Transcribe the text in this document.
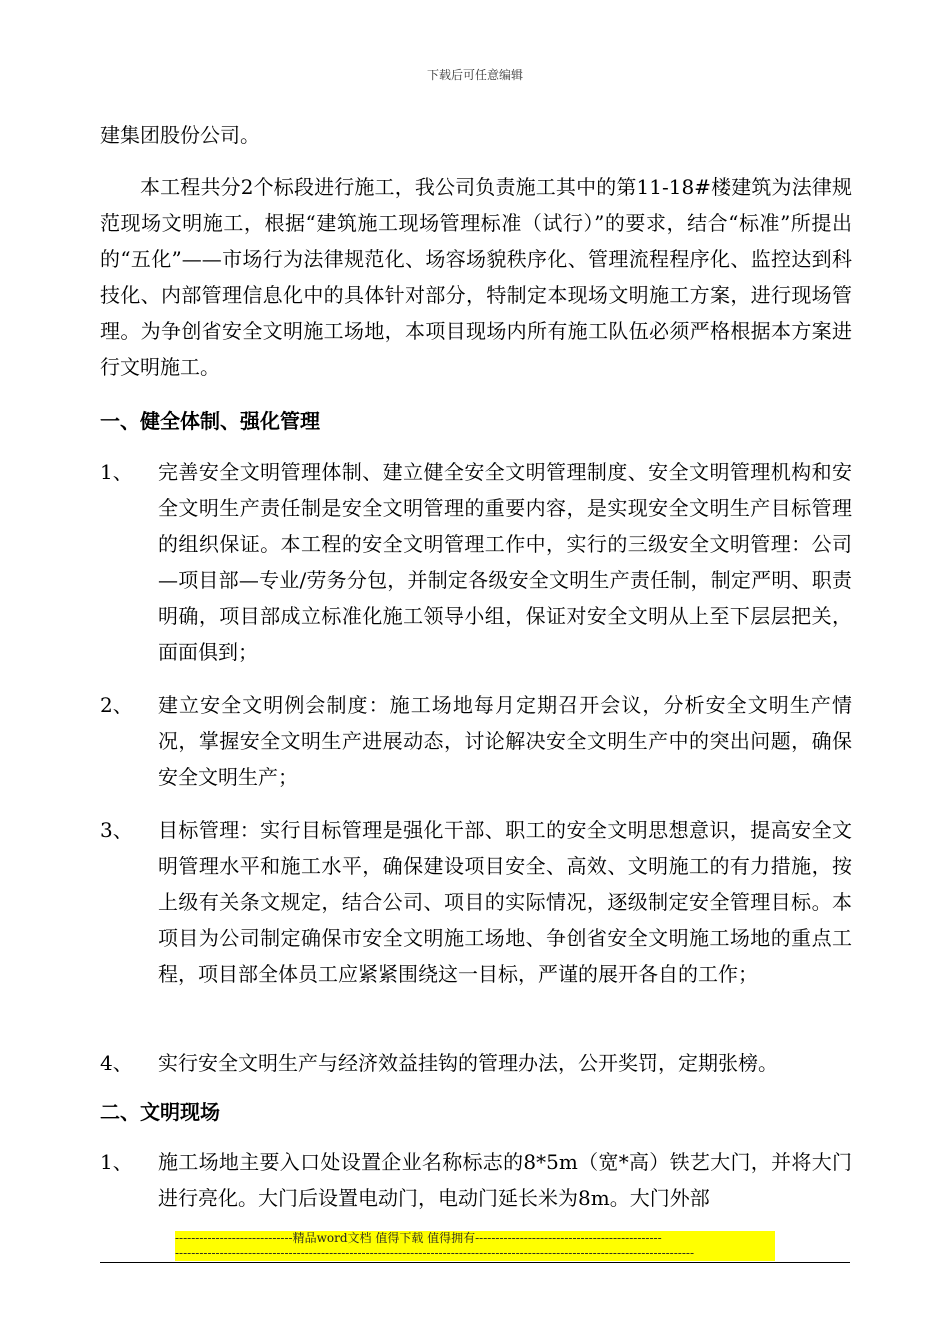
下载后可任意编辑
建集团股份公司。
本工程共分2个标段进行施工，我公司负责施工其中的第11-18#楼建筑为法律规范现场文明施工，根据“建筑施工现场管理标准（试行）”的要求，结合“标准”所提出的“五化”——市场行为法律规范化、场容场貌秩序化、管理流程程序化、监控达到科技化、内部管理信息化中的具体针对部分，特制定本现场文明施工方案，进行现场管理。为争创省安全文明施工场地，本项目现场内所有施工队伍必须严格根据本方案进行文明施工。
一、健全体制、强化管理
1、	完善安全文明管理体制、建立健全安全文明管理制度、安全文明管理机构和安全文明生产责任制是安全文明管理的重要内容，是实现安全文明生产目标管理的组织保证。本工程的安全文明管理工作中，实行的三级安全文明管理：公司—项目部—专业/劳务分包，并制定各级安全文明生产责任制，制定严明、职责明确，项目部成立标准化施工领导小组，保证对安全文明从上至下层层把关，面面俱到；
2、	建立安全文明例会制度：施工场地每月定期召开会议，分析安全文明生产情况，掌握安全文明生产进展动态，讨论解决安全文明生产中的突出问题，确保安全文明生产；
3、	目标管理：实行目标管理是强化干部、职工的安全文明思想意识，提高安全文明管理水平和施工水平，确保建设项目安全、高效、文明施工的有力措施，按上级有关条文规定，结合公司、项目的实际情况，逐级制定安全管理目标。本项目为公司制定确保市安全文明施工场地、争创省安全文明施工场地的重点工程，项目部全体员工应紧紧围绕这一目标，严谨的展开各自的工作；
4、	实行安全文明生产与经济效益挂钩的管理办法，公开奖罚，定期张榜。
二、文明现场
1、	施工场地主要入口处设置企业名称标志的8*5m（宽*高）铁艺大门，并将大门进行亮化。大门后设置电动门，电动门延长米为8m。大门外部
-----------------------------精品word文档 值得下载 值得拥有----------------------------------------------
--------------------------------------------------------------------------------------------------------------------------------
